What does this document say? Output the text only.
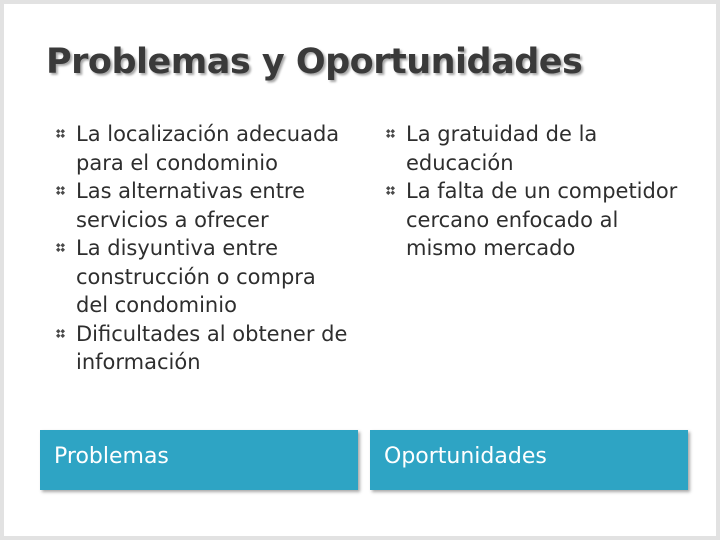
Problemas y Oportunidades
La localización adecuada para el condominio
Las alternativas entre servicios a ofrecer
La disyuntiva entre construcción o compra del condominio
Dificultades al obtener de información
La gratuidad de la educación
La falta de un competidor cercano enfocado al mismo mercado
Problemas	Oportunidades
